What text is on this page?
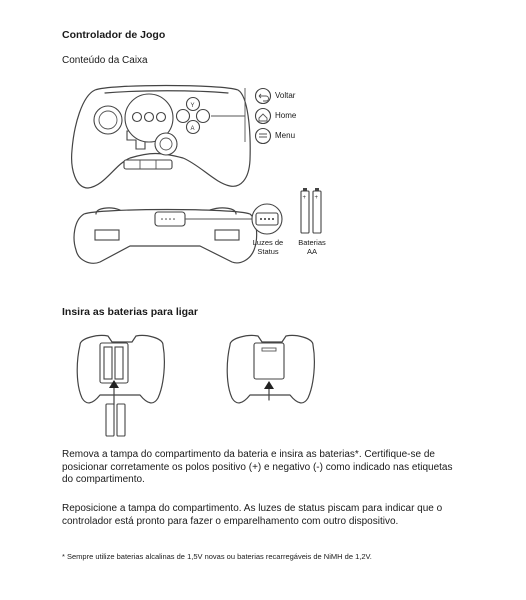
Controlador de Jogo
Conteúdo da Caixa
Y
A
+ +
Voltar
Home
Menu
Luzes de
Status
Baterias
AA
Insira as baterias para ligar
Remova a tampa do compartimento da bateria e insira as baterias*. Certifique-se de posicionar corretamente os polos positivo (+) e negativo (-) como indicado nas etiquetas do compartimento.
Reposicione a tampa do compartimento. As luzes de status piscam para indicar que o controlador está pronto para fazer o emparelhamento com outro dispositivo.
* Sempre utilize baterias alcalinas de 1,5V novas ou baterias recarregáveis de NiMH de 1,2V.
